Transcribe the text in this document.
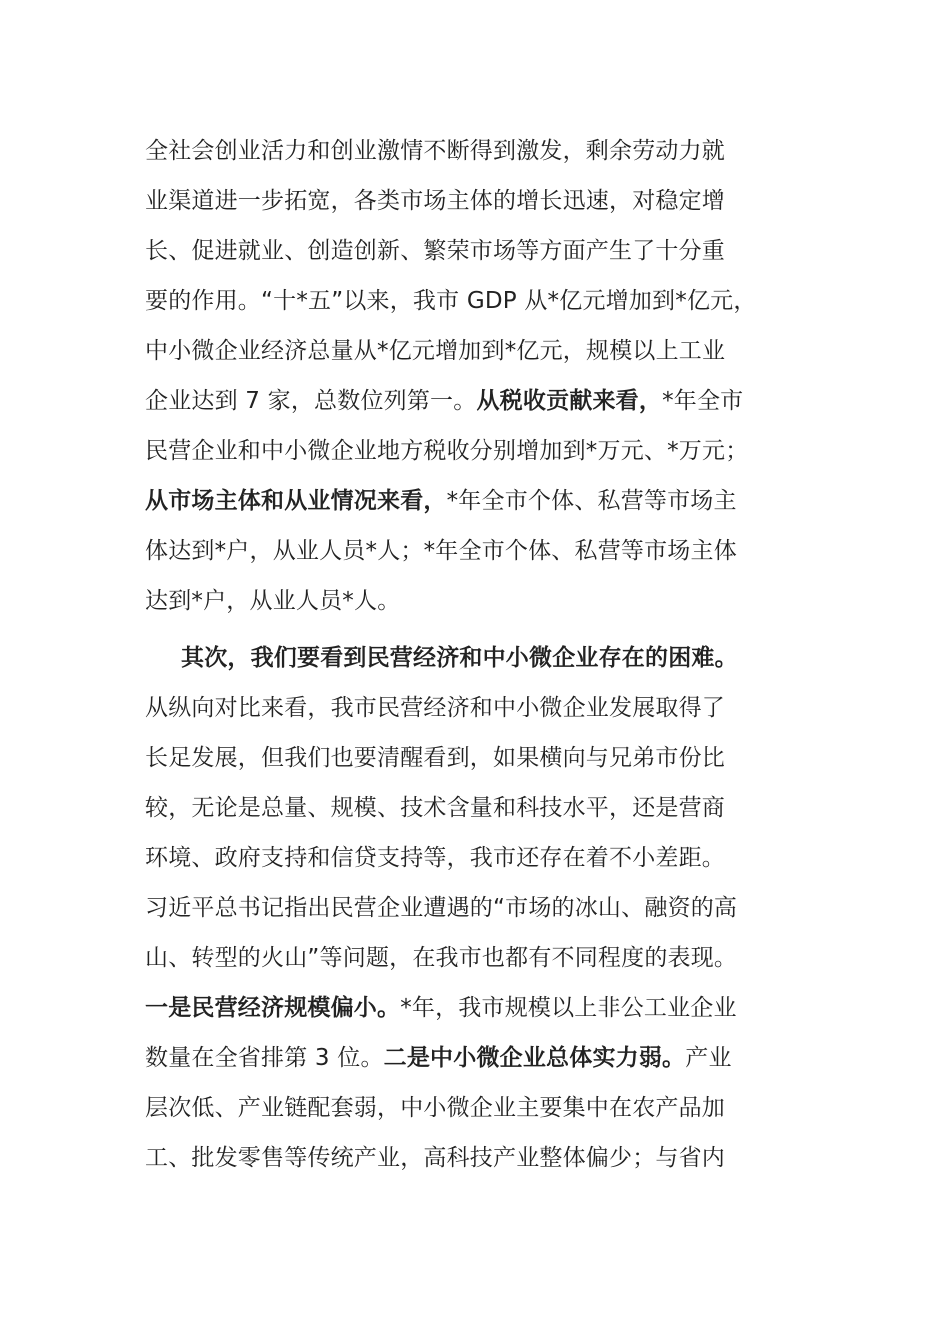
全社会创业活力和创业激情不断得到激发，剩余劳动力就
业渠道进一步拓宽，各类市场主体的增长迅速，对稳定增
长、促进就业、创造创新、繁荣市场等方面产生了十分重
要的作用。“十*五”以来，我市 GDP 从*亿元增加到*亿元，
中小微企业经济总量从*亿元增加到*亿元，规模以上工业
企业达到 7 家，总数位列第一。从税收贡献来看，*年全市
民营企业和中小微企业地方税收分别增加到*万元、*万元；
从市场主体和从业情况来看，*年全市个体、私营等市场主
体达到*户，从业人员*人；*年全市个体、私营等市场主体
达到*户，从业人员*人。
其次，我们要看到民营经济和中小微企业存在的困难。
从纵向对比来看，我市民营经济和中小微企业发展取得了
长足发展，但我们也要清醒看到，如果横向与兄弟市份比
较，无论是总量、规模、技术含量和科技水平，还是营商
环境、政府支持和信贷支持等，我市还存在着不小差距。
习近平总书记指出民营企业遭遇的“市场的冰山、融资的高
山、转型的火山”等问题，在我市也都有不同程度的表现。
一是民营经济规模偏小。*年，我市规模以上非公工业企业
数量在全省排第 3 位。二是中小微企业总体实力弱。产业
层次低、产业链配套弱，中小微企业主要集中在农产品加
工、批发零售等传统产业，高科技产业整体偏少；与省内
